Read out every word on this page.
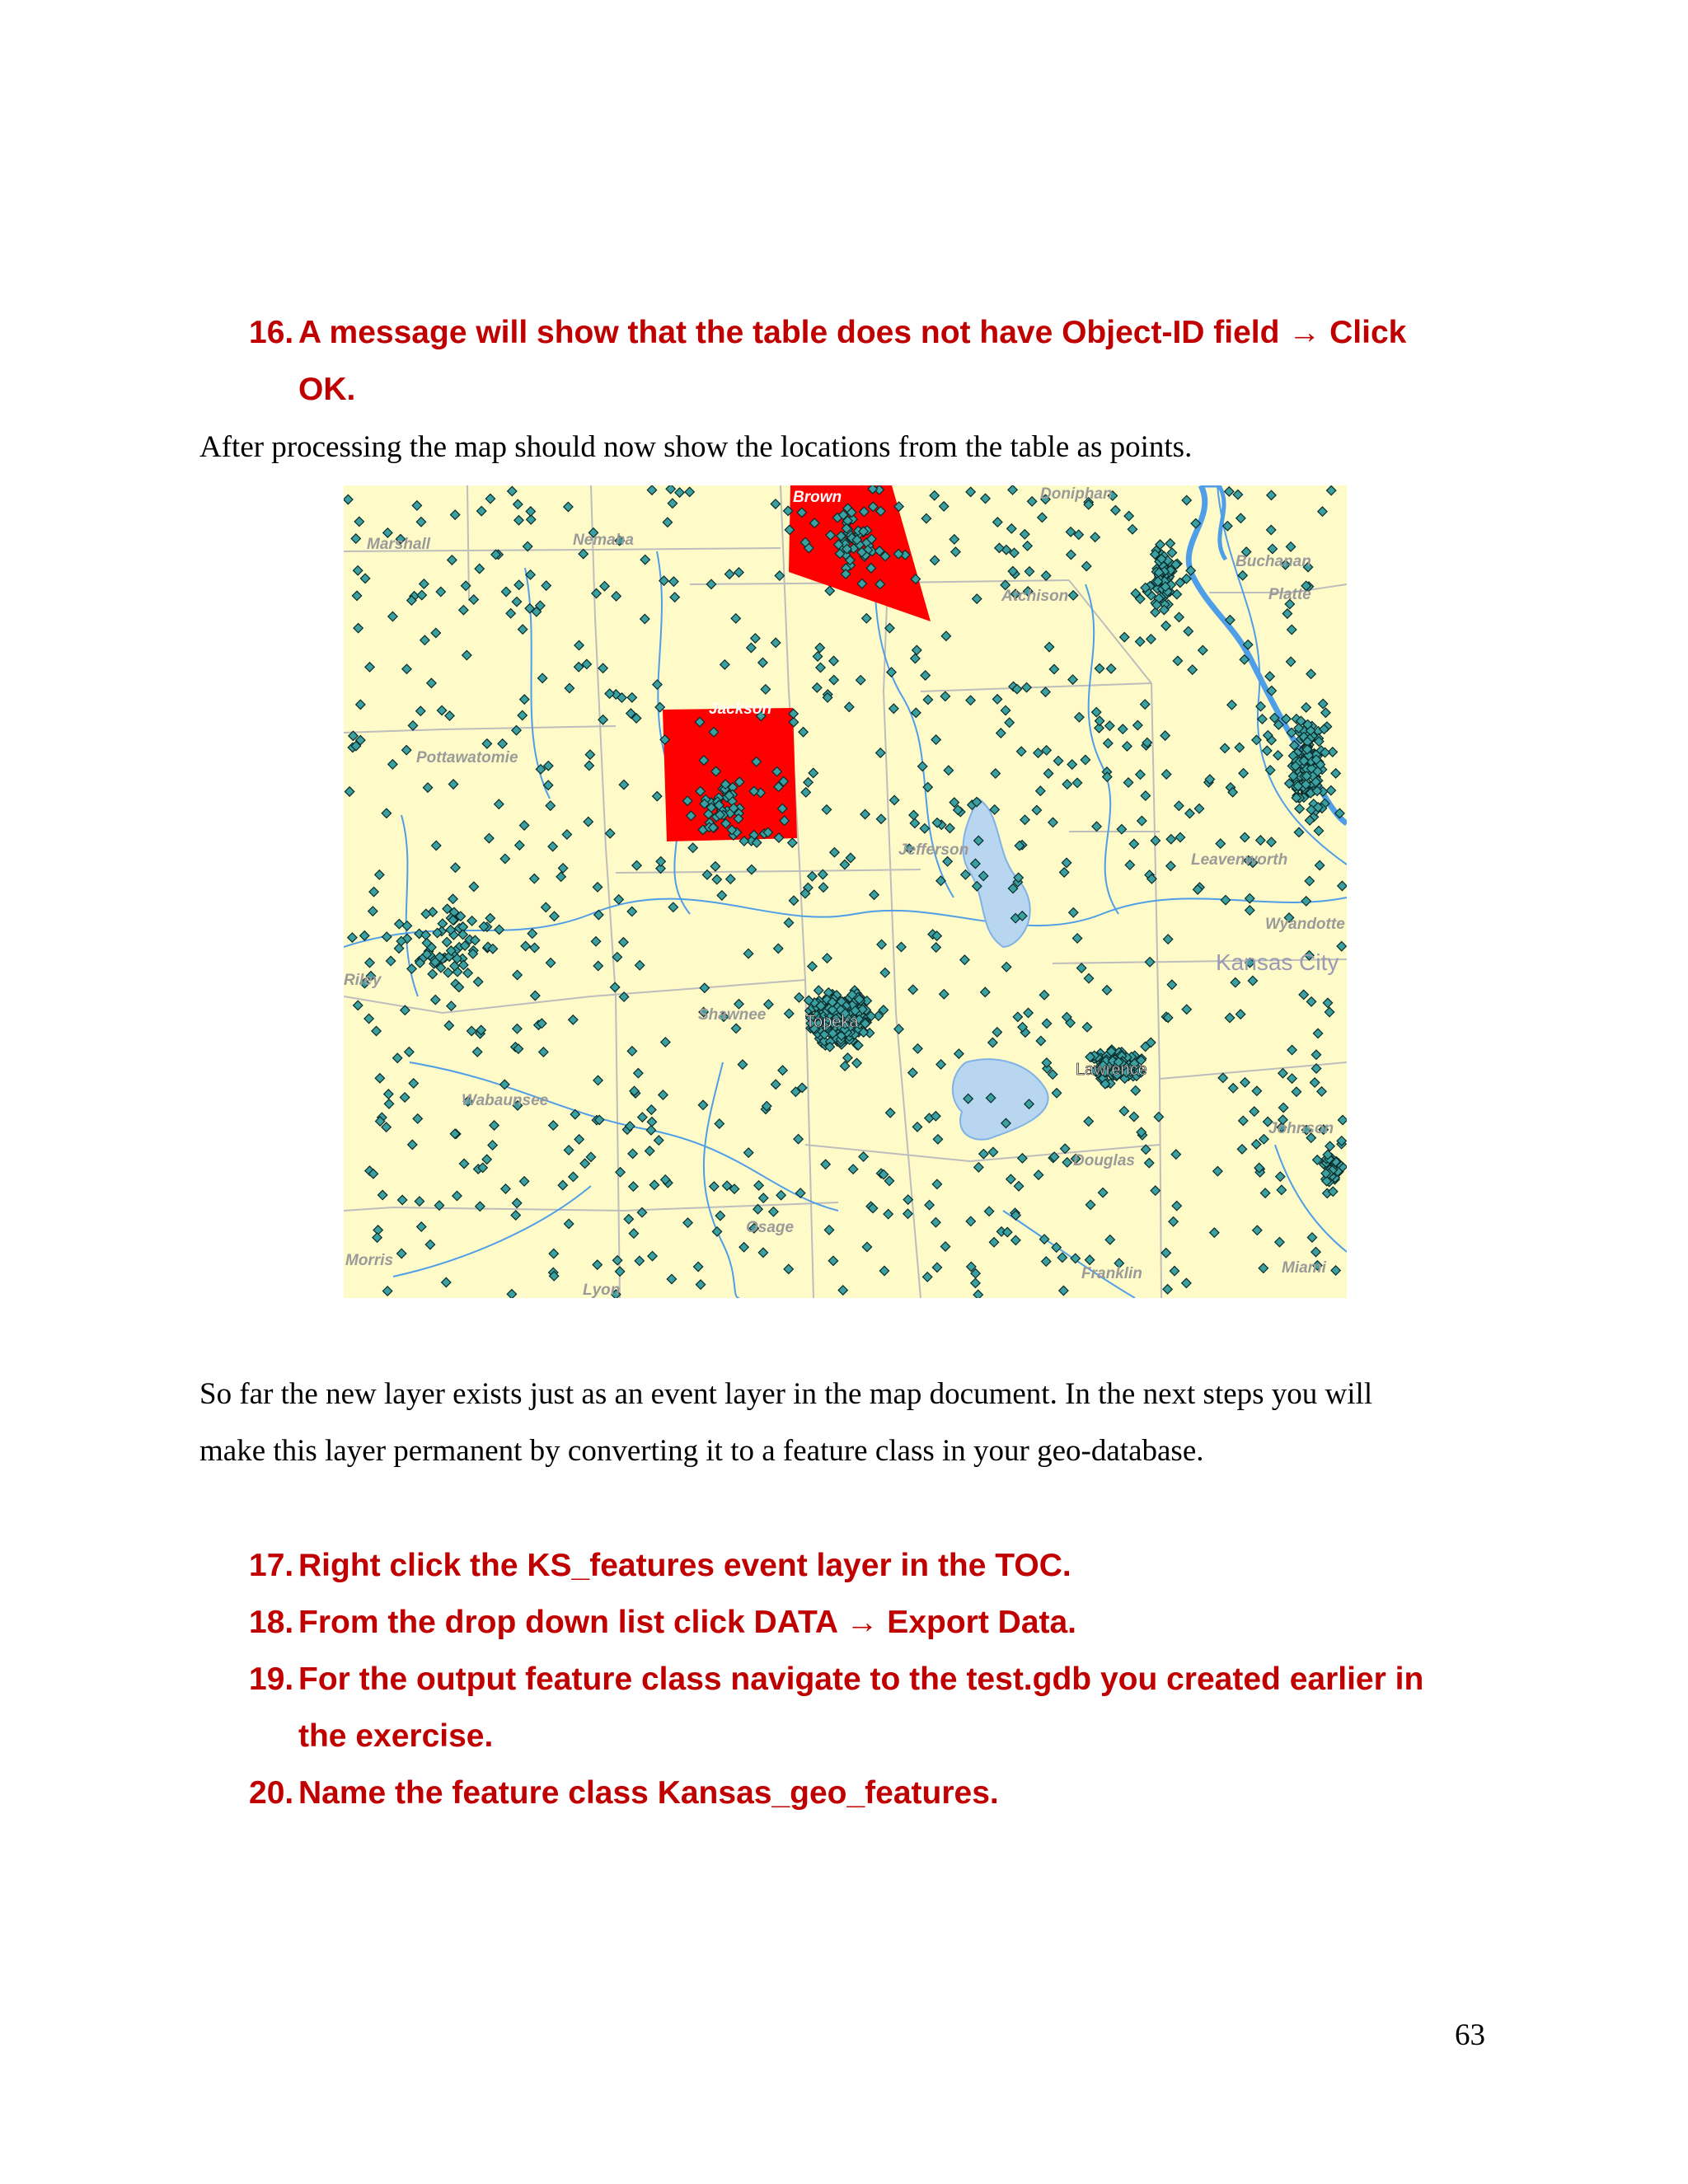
16. A message will show that the table does not have Object-ID field → Click
OK.

After processing the map should now show the locations from the table as points.

Brown	Doniphan
Marshall	Nemaha
Buchanan
Platte
Atchison
Jackson
Pottawatomie
Jefferson
Leavenworth
Wyandotte
Shawnee
Wabaunsee
Johnson
Douglas
Osage
Morris
Lyon
Franklin	Miami
Riley
Topeka
Lawrence
Kansas City

So far the new layer exists just as an event layer in the map document. In the next steps you will
make this layer permanent by converting it to a feature class in your geo-database.

17. Right click the KS_features event layer in the TOC.
18. From the drop down list click DATA → Export Data.
19. For the output feature class navigate to the test.gdb you created earlier in
the exercise.
20. Name the feature class Kansas_geo_features.
63
